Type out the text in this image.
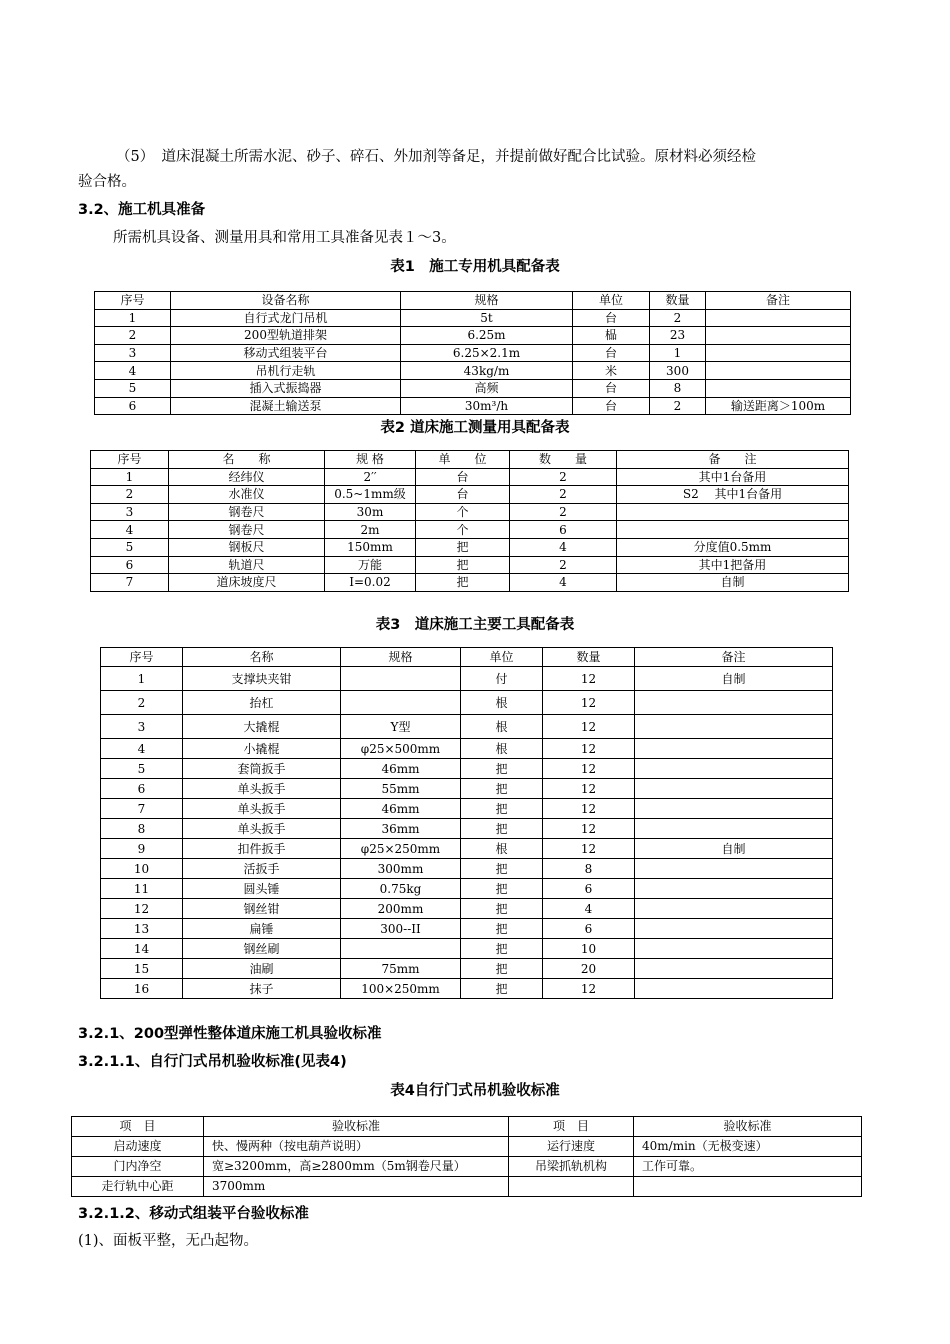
（5）　道床混凝土所需水泥、砂子、碎石、外加剂等备足，并提前做好配合比试验。原材料必须经检
验合格。
3.2、施工机具准备
所需机具设备、测量用具和常用工具准备见表１～3。
表1　施工专用机具配备表
序号	设备名称	规格	单位	数量	备注
1	自行式龙门吊机	5t	台	2	
2	200型轨道排架	6.25m	榀	23	
3	移动式组装平台	6.25×2.1m	台	1	
4	吊机行走轨	43kg/m	米	300	
5	插入式振捣器	高频	台	8	
6	混凝土输送泵	30m³/h	台	2	输送距离＞100m
表2 道床施工测量用具配备表
序号	名　　称	规 格	单　　位	数　　量	备　　注
1	经纬仪	2′′	台	2	其中1台备用
2	水准仪	0.5~1mm级	台	2	S2　 其中1台备用
3	钢卷尺	30m	个	2	
4	钢卷尺	2m	个	6	
5	钢板尺	150mm	把	4	分度值0.5mm
6	轨道尺	万能	把	2	其中1把备用
7	道床坡度尺	I=0.02	把	4	自制
表3　道床施工主要工具配备表
序号	名称	规格	单位	数量	备注
1	支撑块夹钳		付	12	自制
2	抬杠		根	12	
3	大撬棍	Y型	根	12	
4	小撬棍	φ25×500mm	根	12	
5	套筒扳手	46mm	把	12	
6	单头扳手	55mm	把	12	
7	单头扳手	46mm	把	12	
8	单头扳手	36mm	把	12	
9	扣件扳手	φ25×250mm	根	12	自制
10	活扳手	300mm	把	8	
11	圆头锤	0.75kg	把	6	
12	钢丝钳	200mm	把	4	
13	扁锤	300--II	把	6	
14	钢丝刷		把	10	
15	油刷	75mm	把	20	
16	抹子	100×250mm	把	12	
3.2.1、200型弹性整体道床施工机具验收标准
3.2.1.1、自行门式吊机验收标准(见表4)
表4自行门式吊机验收标准
项　目	验收标准	项　目	验收标准
启动速度	快、慢两种（按电葫芦说明）	运行速度	40m/min（无极变速）
门内净空	宽≥3200mm，高≥2800mm（5m钢卷尺量）	吊梁抓轨机构	工作可靠。
走行轨中心距	3700mm		
3.2.1.2、移动式组装平台验收标准
(1)、面板平整，无凸起物。
